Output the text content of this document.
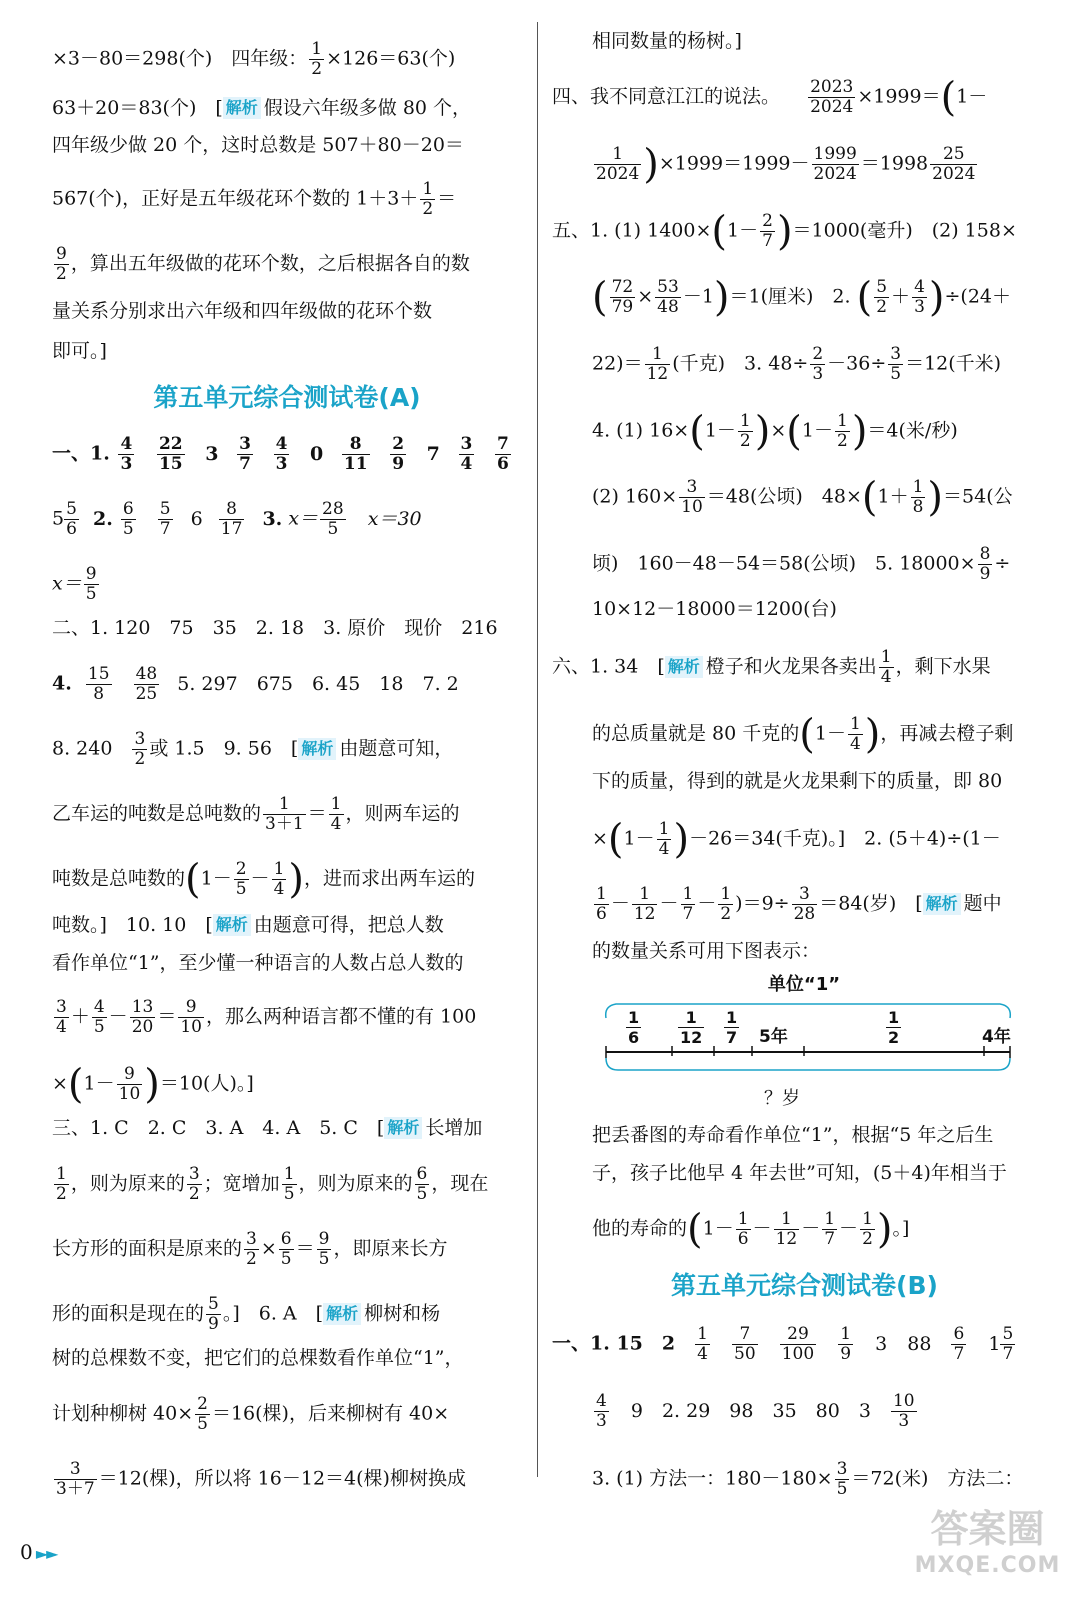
×3－80＝298(个)　四年级： $\frac{1}{2} \times 126=63$(个)
63＋20＝83(个)　[ 解析 假设六年级多做 80 个，
四年级少做 20 个，这时总数是 507＋80－20＝
567(个)，正好是五年级花环个数的 $1+3+ \frac{1}{2}$ ＝
$\frac{9}{2}$ ，算出五年级做的花环个数，之后根据各自的数
量关系分别求出六年级和四年级做的花环个数
即可。]
第五单元综合测试卷(A)
一、1. $\frac{4}{3}$
$\frac{22}{15} 3 \frac{3}{7}$
$\frac{4}{3} 0 \frac{8}{11}$
$\frac{2}{9} 7 \frac{3}{4}$
$\frac{7}{6}$
$5 \frac{5}{6} 2$. $\frac{6}{5}$
$\frac{5}{7} 6 \frac{8}{17} 3$. $x= \frac{28}{5} x=30$
$x= \frac{9}{5}$
二、1. 120　75　35　2. 18　3. 原价　现价　216
4. $\frac{15}{8}$
$\frac{48}{25} 5$. 297　675　6. 45　18　7. 2
8. $240 \frac{3}{2}$ 或 1.5　9. 56　[ 解析 由题意可知，
乙车运的吨数是总吨数的 $\frac{1}{3+1} = \frac{1}{4}$ ，则两车运的
吨数是总吨数的($1- \frac{2}{5} - \frac{1}{4}$ )，进而求出两车运的
吨数。]　10. 10　[ 解析 由题意可得，把总人数
看作单位“1”，至少懂一种语言的人数占总人数的
$\frac{3}{4} + \frac{4}{5} - \frac{13}{20} = \frac{9}{10}$ ，那么两种语言都不懂的有 100
$\times(1- \frac{9}{10} )=10$(人)。]
三、1. C　2. C　3. A　4. A　5. C　[ 解析 长增加
$\frac{1}{2}$ ，则为原来的 $\frac{3}{2}$ ；宽增加 $\frac{1}{5}$ ，则为原来的 $\frac{6}{5}$ ，现在
长方形的面积是原来的 $\frac{3}{2} \times \frac{6}{5} = \frac{9}{5}$ ，即原来长方
形的面积是现在的 $\frac{5}{9}$ 。]　6. A　[ 解析 柳树和杨
树的总棵数不变，把它们的总棵数看作单位“1”，
计划种柳树 $40\times \frac{2}{5} =16$(棵)，后来柳树有 40×
$\frac{3}{3+7} =12$(棵)，所以将 16－12＝4(棵)柳树换成
相同数量的杨树。]
四、我不同意江江的说法。 $\frac{2023}{2024} \times 1999=(1-$
$\frac{1}{2024} )\times 1999=1999- \frac{1999}{2024} =1998 \frac{25}{2024}$
五、1. (1) $1400\times(1- \frac{2}{7} )=1000$(毫升)　(2) 158×
( $\frac{72}{79} \times \frac{53}{48} -1)=1$(厘米)　2. ( $\frac{5}{2} + \frac{4}{3} )\div(24+$
$22)= \frac{1}{12}$ (千克)　3. $48\div \frac{2}{3} -36\div \frac{3}{5} =12$(千米)
4. (1) $16\times(1- \frac{1}{2} )\times(1- \frac{1}{2} )=4$(米/秒)
(2) $160\times \frac{3}{10} =48$(公顷)　$48\times(1+ \frac{1}{8} )=54$(公
顷)　160－48－54＝58(公顷)　5. $18000\times \frac{8}{9}$ ÷
10×12－18000＝1200(台)
六、1. 34　[ 解析 橙子和火龙果各卖出 $\frac{1}{4}$ ，剩下水果
的总质量就是 80 千克的($1- \frac{1}{4}$ )，再减去橙子剩
下的质量，得到的就是火龙果剩下的质量，即 80
$\times(1- \frac{1}{4} )-26=34$(千克)。]　2. (5＋4)÷(1－
$\frac{1}{6} - \frac{1}{12} - \frac{1}{7} - \frac{1}{2} )=9\div \frac{3}{28} =84$(岁)　[ 解析 题中
的数量关系可用下图表示：
单位“1”
$\frac{1}{6} \frac{1}{12} \frac{1}{7} 5$年	$\frac{1}{2}$	4年
？岁
把丢番图的寿命看作单位“1”，根据“5 年之后生
子，孩子比他早 4 年去世”可知，(5＋4)年相当于
他的寿命的($1- \frac{1}{6} - \frac{1}{12} - \frac{1}{7} - \frac{1}{2}$ )。]
第五单元综合测试卷(B)
一、1. 15　$2 \frac{1}{4}$
$\frac{7}{50}$
$\frac{29}{100}$
$\frac{1}{9} 3$ $88 \frac{6}{7} 1 \frac{5}{7}$
$\frac{4}{3} 9$　2. 29　98　35　80　$3 \frac{10}{3}$
3. (1) 方法一：$180-180\times \frac{3}{5} =72$(米)　方法二：
0 ►►
答案圈
MXQE.COM
